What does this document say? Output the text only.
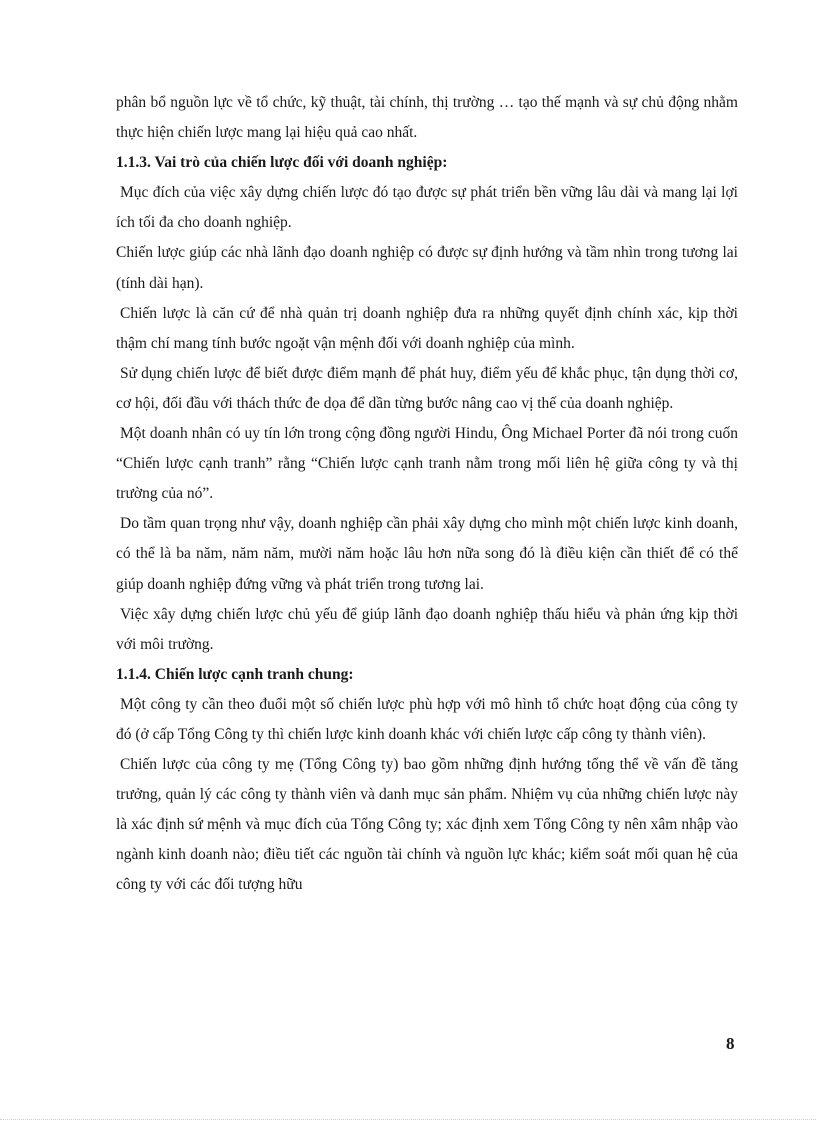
phân bổ nguồn lực về tổ chức, kỹ thuật, tài chính, thị trường … tạo thế mạnh và sự chủ động nhằm thực hiện chiến lược mang lại hiệu quả cao nhất.

1.1.3. Vai trò của chiến lược đối với doanh nghiệp:

Mục đích của việc xây dựng chiến lược đó tạo được sự phát triển bền vững lâu dài và mang lại lợi ích tối đa cho doanh nghiệp.

Chiến lược giúp các nhà lãnh đạo doanh nghiệp có được sự định hướng và tầm nhìn trong tương lai (tính dài hạn).

Chiến lược là căn cứ để nhà quản trị doanh nghiệp đưa ra những quyết định chính xác, kịp thời thậm chí mang tính bước ngoặt vận mệnh đối với doanh nghiệp của mình.

Sử dụng chiến lược để biết được điểm mạnh để phát huy, điểm yếu để khắc phục, tận dụng thời cơ, cơ hội, đối đầu với thách thức đe dọa để dần từng bước nâng cao vị thế của doanh nghiệp.

Một doanh nhân có uy tín lớn trong cộng đồng người Hindu, Ông Michael Porter đã nói trong cuốn “Chiến lược cạnh tranh” rằng “Chiến lược cạnh tranh nằm trong mối liên hệ giữa công ty và thị trường của nó”.

Do tầm quan trọng như vậy, doanh nghiệp cần phải xây dựng cho mình một chiến lược kinh doanh, có thể là ba năm, năm năm, mười năm hoặc lâu hơn nữa song đó là điều kiện cần thiết để có thể giúp doanh nghiệp đứng vững và phát triển trong tương lai.

Việc xây dựng chiến lược chủ yếu để giúp lãnh đạo doanh nghiệp thấu hiểu và phản ứng kịp thời với môi trường.

1.1.4. Chiến lược cạnh tranh chung:

Một công ty cần theo đuổi một số chiến lược phù hợp với mô hình tổ chức hoạt động của công ty đó (ở cấp Tổng Công ty thì chiến lược kinh doanh khác với chiến lược cấp công ty thành viên).

Chiến lược của công ty mẹ (Tổng Công ty) bao gồm những định hướng tổng thể về vấn đề tăng trưởng, quản lý các công ty thành viên và danh mục sản phẩm. Nhiệm vụ của những chiến lược này là xác định sứ mệnh và mục đích của Tổng Công ty; xác định xem Tổng Công ty nên xâm nhập vào ngành kinh doanh nào; điều tiết các nguồn tài chính và nguồn lực khác; kiểm soát mối quan hệ của công ty với các đối tượng hữu

8
